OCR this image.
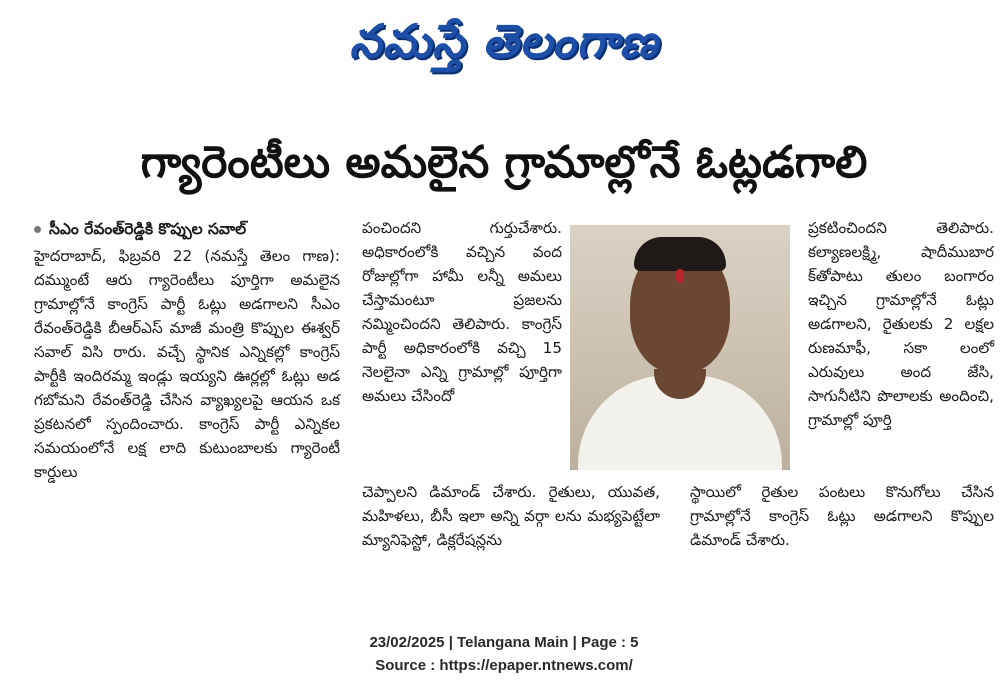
నమస్తే తెలంగాణ
గ్యారెంటీలు అమలైన గ్రామాల్లోనే ఓట్లడగాలి

సీఎం రేవంత్‌రెడ్డికి కొప్పుల సవాల్

హైదరాబాద్, ఫిబ్రవరి 22 (నమస్తే తెలం గాణ): దమ్ముంటే ఆరు గ్యారెంటీలు పూర్తిగా అమలైన గ్రామాల్లోనే కాంగ్రెస్ పార్టీ ఓట్లు అడగాలని సీఎం రేవంత్‌రెడ్డికి బీఆర్‌ఎస్ మాజీ మంత్రి కొప్పుల ఈశ్వర్ సవాల్ విసి రారు. వచ్చే స్థానిక ఎన్నికల్లో కాంగ్రెస్ పార్టీకి ఇందిరమ్మ ఇండ్లు ఇయ్యని ఊర్లల్లో ఓట్లు అడ గబోమని రేవంత్‌రెడ్డి చేసిన వ్యాఖ్యలపై ఆయన ఒక ప్రకటనలో స్పందించారు. కాంగ్రెస్ పార్టీ ఎన్నికల సమయంలోనే లక్ష లాది కుటుంబాలకు గ్యారెంటీ కార్డులు

పంచిందని గుర్తుచేశారు. అధికారంలోకి వచ్చిన వంద రోజుల్లోగా హామీ లన్నీ అమలు చేస్తామంటూ ప్రజలను నమ్మించిందని తెలిపారు. కాంగ్రెస్ పార్టీ అధికారంలోకి వచ్చి 15 నెలలైనా ఎన్ని గ్రామాల్లో పూర్తిగా అమలు చేసిందో

చెప్పాలని డిమాండ్ చేశారు. రైతులు, యువత, మహిళలు, బీసీ ఇలా అన్ని వర్గా లను మభ్యపెట్టేలా మ్యానిఫెస్టో, డిక్లరేషన్లను

ప్రకటించిందని తెలిపారు. కల్యాణలక్ష్మి, షాదీముబార క్‌తోపాటు తులం బంగారం ఇచ్చిన గ్రామాల్లోనే ఓట్లు అడగాలని, రైతులకు 2 లక్షల రుణమాఫీ, సకా లంలో ఎరువులు అంద జేసి, సాగునీటిని పొలాలకు అందించి, గ్రామాల్లో పూర్తి

స్థాయిలో రైతుల పంటలు కొనుగోలు చేసిన గ్రామాల్లోనే కాంగ్రెస్ ఓట్లు అడగాలని కొప్పుల డిమాండ్ చేశారు.

23/02/2025 | Telangana Main | Page : 5
Source : https://epaper.ntnews.com/
